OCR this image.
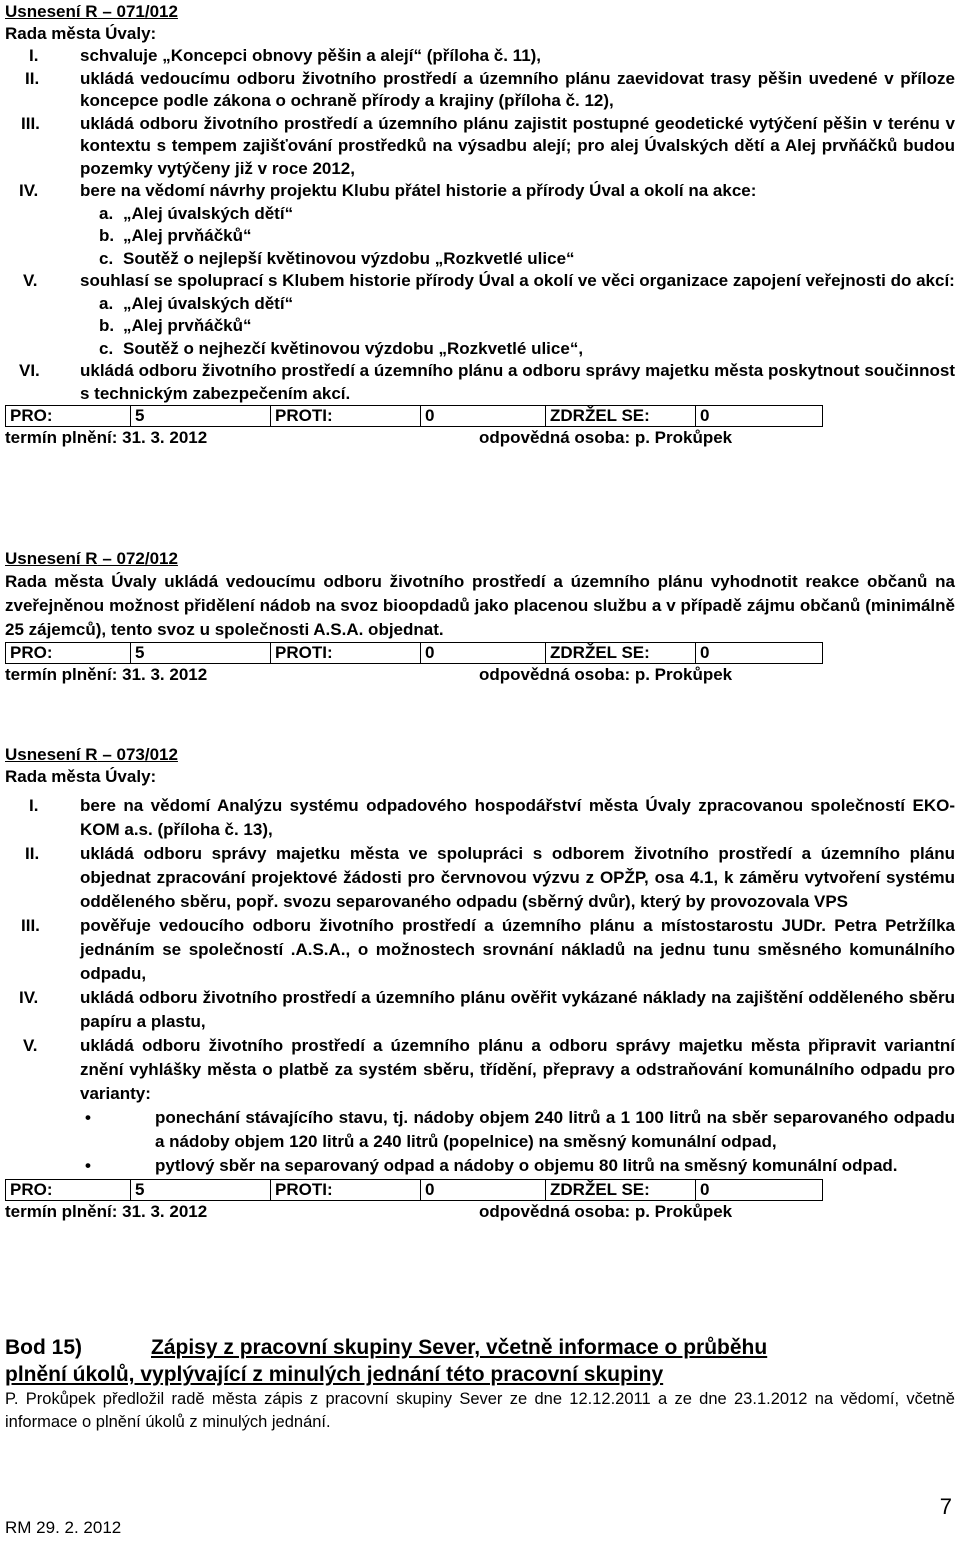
Usnesení R – 071/012

Rada města Úvaly:

I.	schvaluje „Koncepci obnovy pěšin a alejí“ (příloha č. 11),
II.	ukládá vedoucímu odboru životního prostředí a územního plánu zaevidovat trasy pěšin uvedené v příloze koncepce podle zákona o ochraně přírody a krajiny (příloha č. 12),
III.	ukládá odboru životního prostředí a územního plánu zajistit postupné geodetické vytýčení pěšin v terénu v kontextu s tempem zajišťování prostředků na výsadbu alejí; pro alej Úvalských dětí a Alej prvňáčků budou pozemky vytýčeny již v roce 2012,
IV.	bere na vědomí návrhy projektu Klubu přátel historie a přírody Úval a okolí na akce:
a. „Alej úvalských dětí“
b. „Alej prvňáčků“
c. Soutěž o nejlepší květinovou výzdobu „Rozkvetlé ulice“
V.	souhlasí se spoluprací s Klubem historie přírody Úval a okolí ve věci organizace zapojení veřejnosti do akcí:
a. „Alej úvalských dětí“
b. „Alej prvňáčků“
c. Soutěž o nejhezčí květinovou výzdobu „Rozkvetlé ulice“,
VI.	ukládá odboru životního prostředí a územního plánu a odboru správy majetku města poskytnout součinnost s technickým zabezpečením akcí.
PRO:	5	PROTI:	0	ZDRŽEL SE:	0
termín plnění: 31. 3. 2012	odpovědná osoba: p. Prokůpek

Usnesení R – 072/012

Rada města Úvaly ukládá vedoucímu odboru životního prostředí a územního plánu vyhodnotit reakce občanů na zveřejněnou možnost přidělení nádob na svoz bioopdadů jako placenou službu a v případě zájmu občanů (minimálně 25 zájemců), tento svoz u společnosti A.S.A. objednat.

PRO:	5	PROTI:	0	ZDRŽEL SE:	0
termín plnění: 31. 3. 2012	odpovědná osoba: p. Prokůpek

Usnesení R – 073/012

Rada města Úvaly:

I.	bere na vědomí Analýzu systému odpadového hospodářství města Úvaly zpracovanou společností EKO-KOM a.s. (příloha č. 13),
II.	ukládá odboru správy majetku města ve spolupráci s odborem životního prostředí a územního plánu objednat zpracování projektové žádosti pro červnovou výzvu z OPŽP, osa 4.1, k záměru vytvoření systému odděleného sběru, popř. svozu separovaného odpadu (sběrný dvůr), který by provozovala VPS
III.	pověřuje vedoucího odboru životního prostředí a územního plánu a místostarostu JUDr. Petra Petržílka jednáním se společností .A.S.A., o možnostech srovnání nákladů na jednu tunu směsného komunálního odpadu,
IV.	ukládá odboru životního prostředí a územního plánu ověřit vykázané náklady na zajištění odděleného sběru papíru a plastu,
V.	ukládá odboru životního prostředí a územního plánu a odboru správy majetku města připravit variantní znění vyhlášky města o platbě za systém sběru, třídění, přepravy a odstraňování komunálního odpadu pro varianty:
•	ponechání stávajícího stavu, tj. nádoby objem 240 litrů a 1 100 litrů na sběr separovaného odpadu a nádoby objem 120 litrů a 240 litrů (popelnice) na směsný komunální odpad,
•	pytlový sběr na separovaný odpad a nádoby o objemu 80 litrů na směsný komunální odpad.
PRO:	5	PROTI:	0	ZDRŽEL SE:	0
termín plnění: 31. 3. 2012	odpovědná osoba: p. Prokůpek
Bod 15)	Zápisy z pracovní skupiny Sever, včetně informace o průběhu
plnění úkolů, vyplývající z minulých jednání této pracovní skupiny

P. Prokůpek předložil radě města zápis z pracovní skupiny Sever ze dne 12.12.2011 a ze dne 23.1.2012 na vědomí, včetně informace o plnění úkolů z minulých jednání.

RM 29. 2. 2012
7
